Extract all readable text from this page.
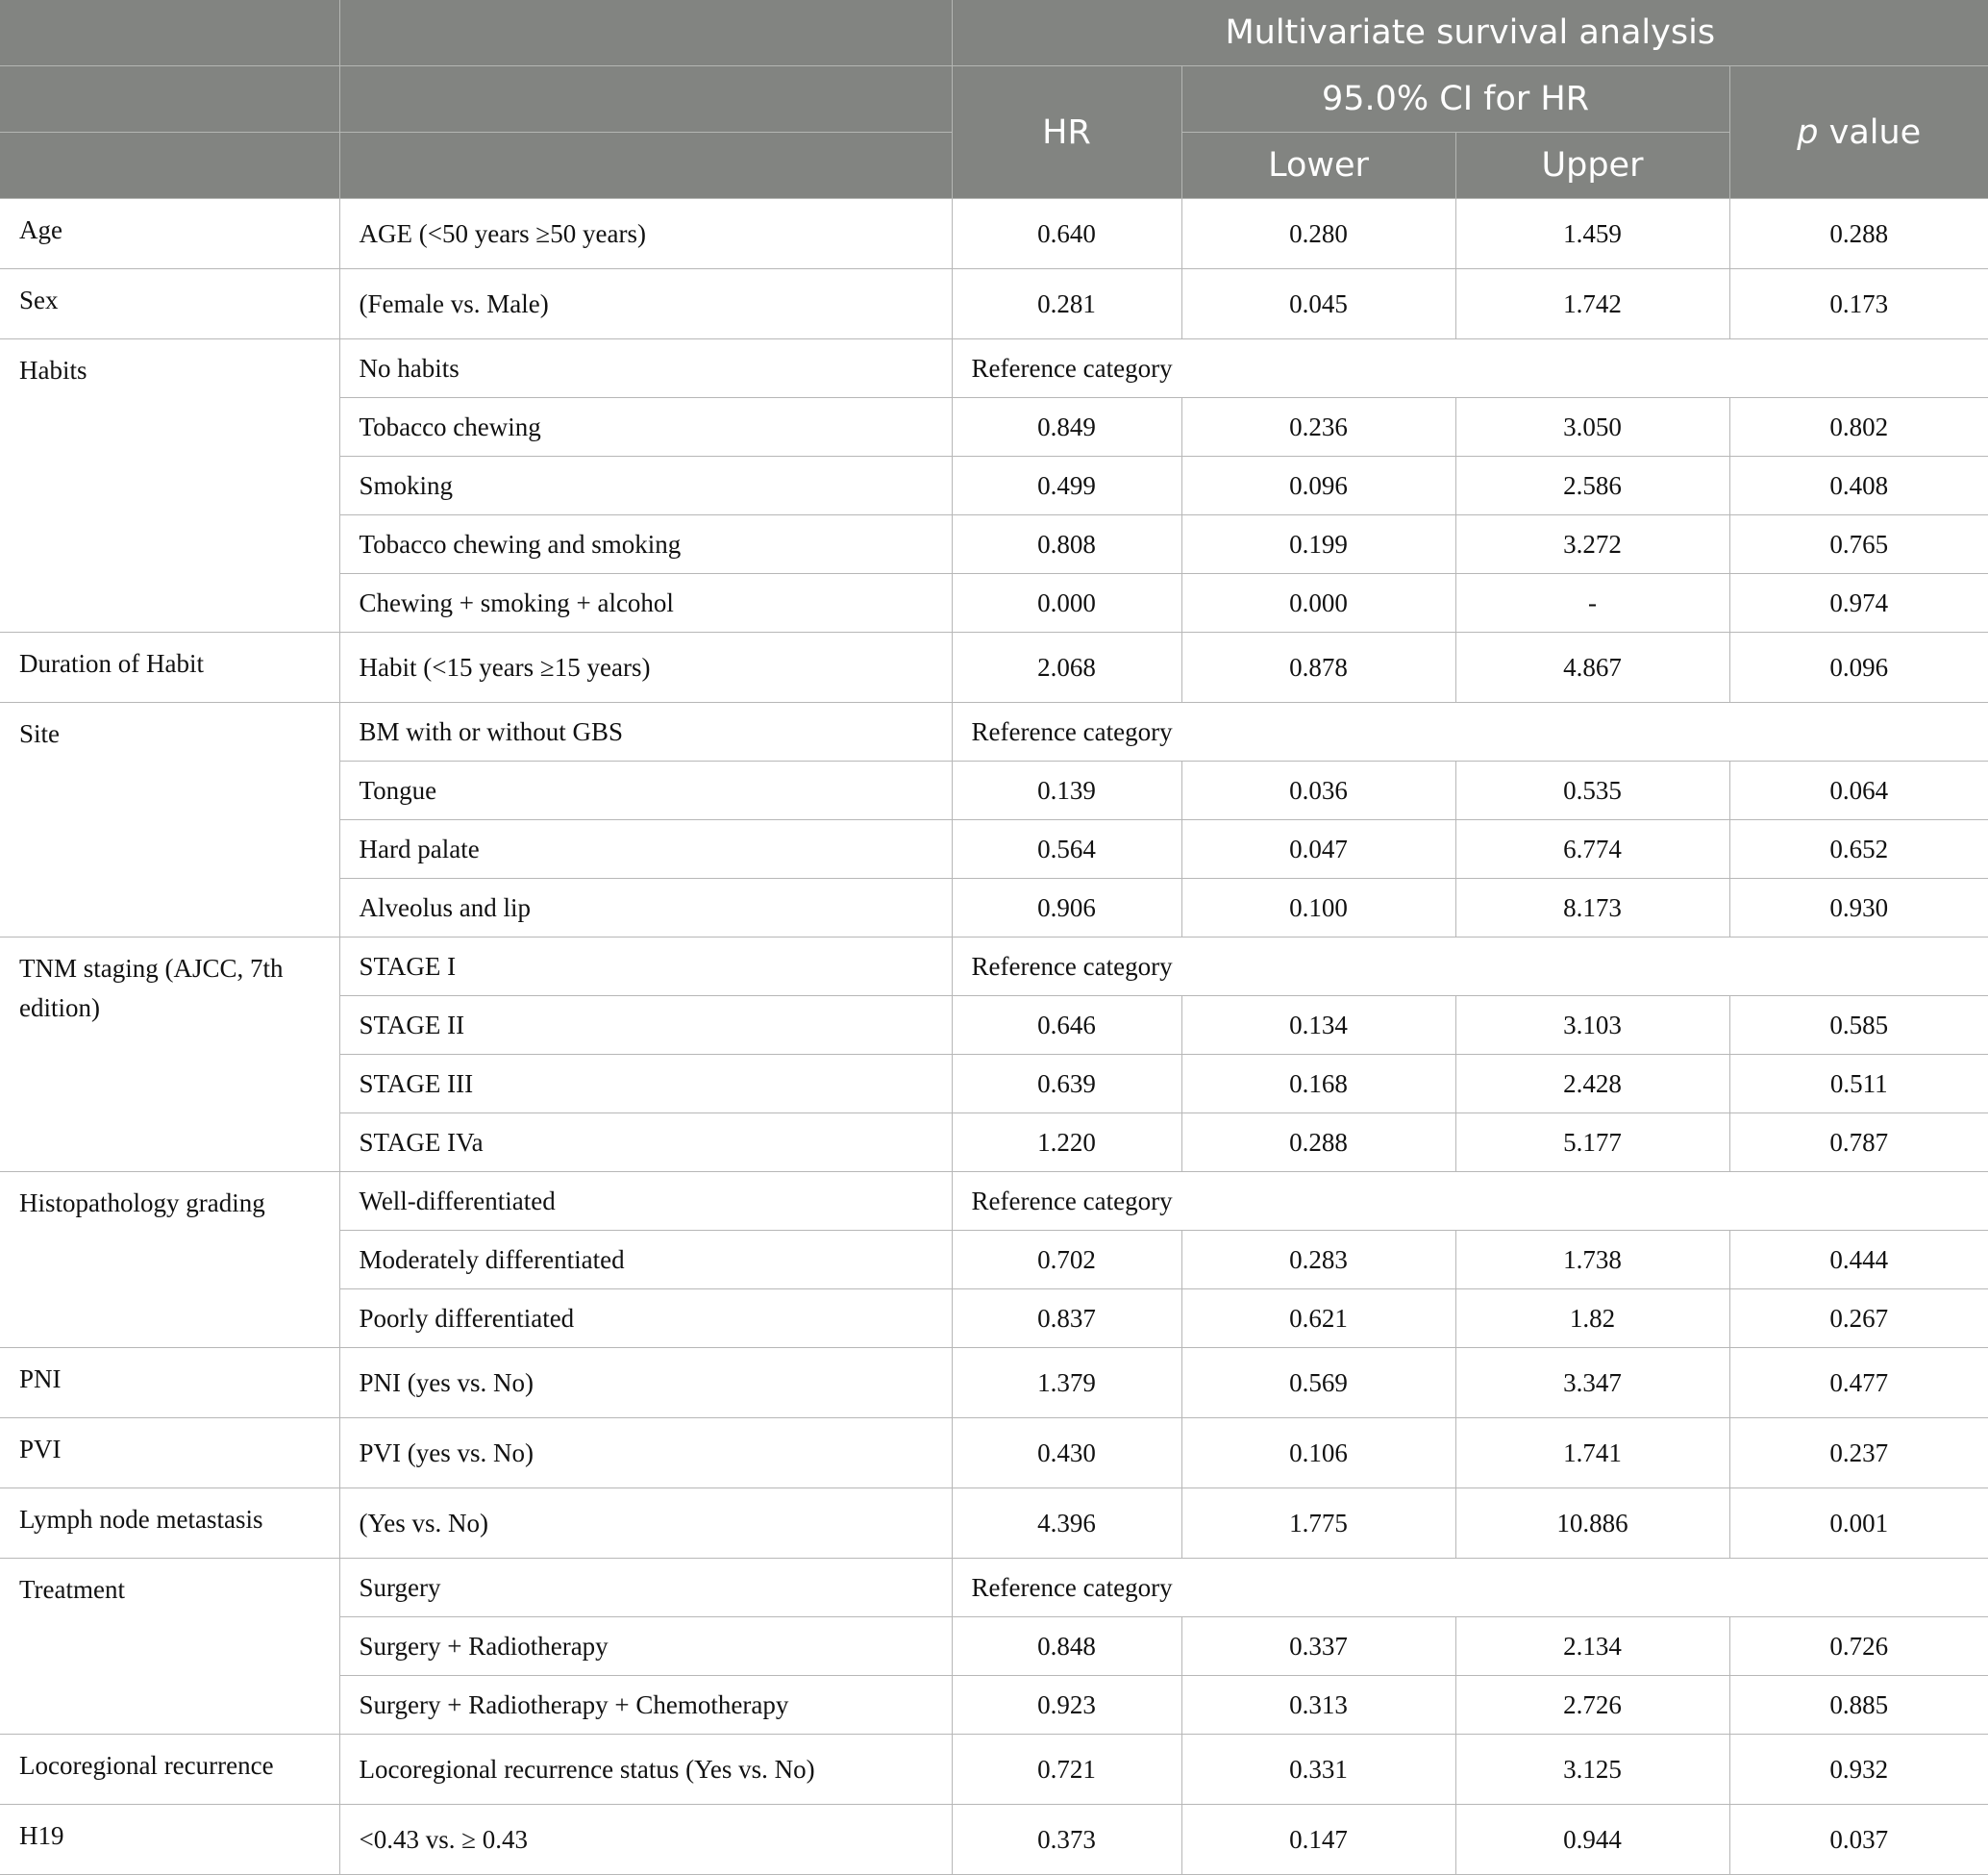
		Multivariate survival analysis			
		HR	95.0% CI for HR		p value
			Lower	Upper	
Age	AGE (<50 years ≥50 years)	0.640	0.280	1.459	0.288
Sex	(Female vs. Male)	0.281	0.045	1.742	0.173
Habits	No habits	Reference category			
	Tobacco chewing	0.849	0.236	3.050	0.802
	Smoking	0.499	0.096	2.586	0.408
	Tobacco chewing and smoking	0.808	0.199	3.272	0.765
	Chewing + smoking + alcohol	0.000	0.000	-	0.974
Duration of Habit	Habit (<15 years ≥15 years)	2.068	0.878	4.867	0.096
Site	BM with or without GBS	Reference category			
	Tongue	0.139	0.036	0.535	0.064
	Hard palate	0.564	0.047	6.774	0.652
	Alveolus and lip	0.906	0.100	8.173	0.930
TNM staging (AJCC, 7th edition)	STAGE I	Reference category			
	STAGE II	0.646	0.134	3.103	0.585
	STAGE III	0.639	0.168	2.428	0.511
	STAGE IVa	1.220	0.288	5.177	0.787
Histopathology grading	Well-differentiated	Reference category			
	Moderately differentiated	0.702	0.283	1.738	0.444
	Poorly differentiated	0.837	0.621	1.82	0.267
PNI	PNI (yes vs. No)	1.379	0.569	3.347	0.477
PVI	PVI (yes vs. No)	0.430	0.106	1.741	0.237
Lymph node metastasis	(Yes vs. No)	4.396	1.775	10.886	0.001
Treatment	Surgery	Reference category			
	Surgery + Radiotherapy	0.848	0.337	2.134	0.726
	Surgery + Radiotherapy + Chemotherapy	0.923	0.313	2.726	0.885
Locoregional recurrence	Locoregional recurrence status (Yes vs. No)	0.721	0.331	3.125	0.932
H19	<0.43 vs. ≥ 0.43	0.373	0.147	0.944	0.037
